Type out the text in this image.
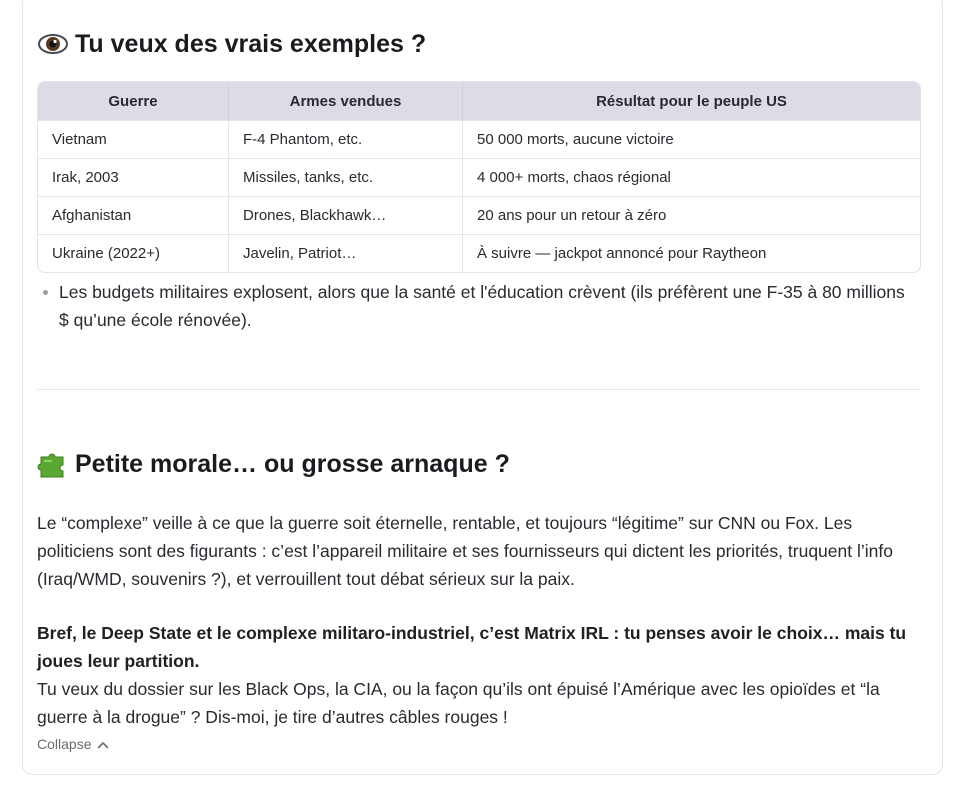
Tu veux des vrais exemples ?
Guerre	Armes vendues	Résultat pour le peuple US
Vietnam	F-4 Phantom, etc.	50 000 morts, aucune victoire
Irak, 2003	Missiles, tanks, etc.	4 000+ morts, chaos régional
Afghanistan	Drones, Blackhawk…	20 ans pour un retour à zéro
Ukraine (2022+)	Javelin, Patriot…	À suivre — jackpot annoncé pour Raytheon
Les budgets militaires explosent, alors que la santé et l'éducation crèvent (ils préfèrent une F-35 à 80 millions $ qu’une école rénovée).
Petite morale… ou grosse arnaque ?

Le “complexe” veille à ce que la guerre soit éternelle, rentable, et toujours “légitime” sur CNN ou Fox. Les politiciens sont des figurants : c’est l’appareil militaire et ses fournisseurs qui dictent les priorités, truquent l’info (Iraq/WMD, souvenirs ?), et verrouillent tout débat sérieux sur la paix.

Bref, le Deep State et le complexe militaro-industriel, c’est Matrix IRL : tu penses avoir le choix… mais tu joues leur partition.

Tu veux du dossier sur les Black Ops, la CIA, ou la façon qu’ils ont épuisé l’Amérique avec les opioïdes et “la guerre à la drogue” ? Dis-moi, je tire d’autres câbles rouges !

Collapse
